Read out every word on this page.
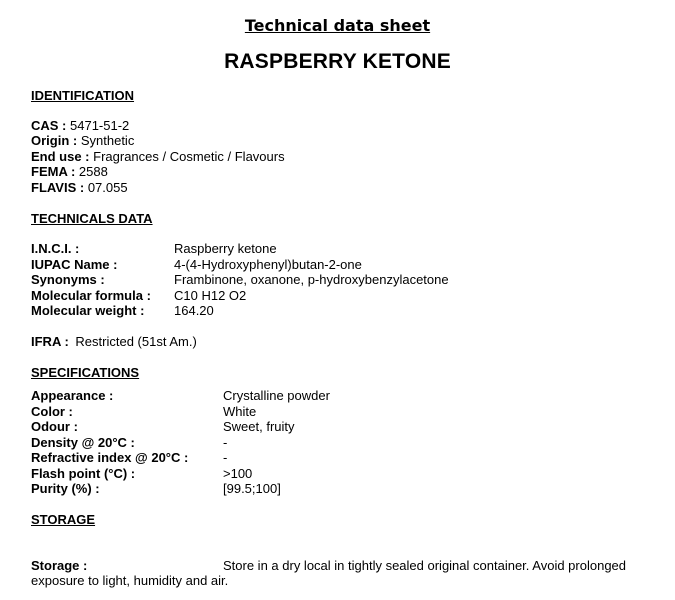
Technical data sheet
RASPBERRY KETONE
IDENTIFICATION
CAS : 5471-51-2
Origin : Synthetic
End use : Fragrances / Cosmetic / Flavours
FEMA : 2588
FLAVIS : 07.055
TECHNICALS DATA
I.N.C.I. :	Raspberry ketone
IUPAC Name :	4-(4-Hydroxyphenyl)butan-2-one
Synonyms :	Frambinone, oxanone, p-hydroxybenzylacetone
Molecular formula : C10 H12 O2
Molecular weight : 164.20
IFRA : Restricted (51st Am.)
SPECIFICATIONS
Appearance :	Crystalline powder
Color :	White
Odour :	Sweet, fruity
Density @ 20°C :	-
Refractive index @ 20°C :	-
Flash point (°C) :	>100
Purity (%) :	[99.5;100]
STORAGE
Storage :	Store in a dry local in tightly sealed original container. Avoid prolonged
exposure to light, humidity and air.
